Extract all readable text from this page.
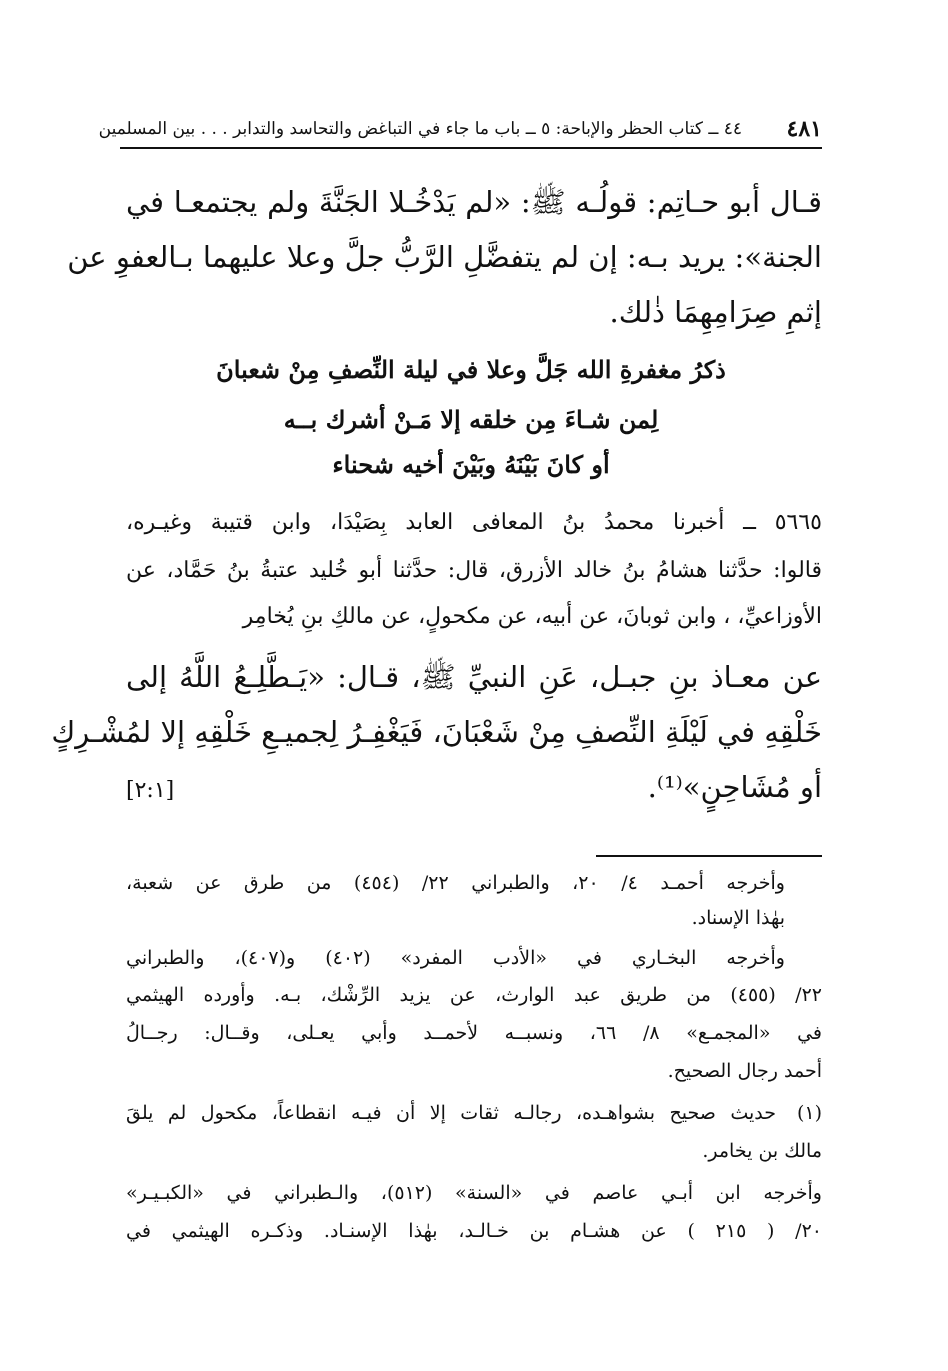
٤٨١
٤٤ ــ كتاب الحظر والإباحة: ٥ ــ باب ما جاء في التباغض والتحاسد والتدابر . . . بين المسلمين
قـال أبو حـاتِم: قولُـه ﷺ: «لم يَدْخُـلا الجَنَّةَ ولم يجتمعـا في
الجنة»: يريد بـه: إن لم يتفضَّلِ الرَّبُّ جلَّ وعلا عليهما بـالعفوِ عن
إثمِ صِرَامِهِمَا ذٰلك.
ذكرُ مغفرةِ الله جَلَّ وعلا في ليلة النِّصفِ مِنْ شعبانَ
لِمن شـاءَ مِن خلقه إلا مَـنْ أشرك بــه
أو كانَ بَيْنَهُ وبَيْنَ أخيه شحناء
٥٦٦٥ ــ أخبرنا محمدُ بنُ المعافى العابد بِصَيْدَا، وابن قتيبة وغيـره،
قالوا: حدَّثنا هشامُ بنُ خالد الأزرق، قال: حدَّثنا أبو خُليد عتبةُ بنُ حَمَّاد، عن
الأوزاعيِّ، ، وابن ثوبانَ، عن أبيه، عن مكحولٍ، عن مالكِ بنِ يُخامِر
عن معـاذ بنِ جبـل، عَنِ النبيِّ ﷺ، قـال: «يَـطَّلِـعُ اللَّهُ إلى
خَلْقِهِ في لَيْلَةِ النِّصفِ مِنْ شَعْبَانَ، فَيَغْفِـرُ لِجميـعِ خَلْقِهِ إلا لمُشْـرِكٍ
أو مُشَاحِنٍ»⁽¹⁾.
[٢:١]
وأخرجه أحمـد ٤/ ٢٠، والطبراني ٢٢/ (٤٥٤) من طرق عن شعبة،
بهٰذا الإسناد.
وأخرجه البخـاري في «الأدب المفرد» (٤٠٢) و(٤٠٧)، والطبراني
٢٢/ (٤٥٥) من طريق عبد الوارث، عن يزيد الرِّشْك، بـه. وأورده الهيثمي
في «المجمـع» ٨/ ٦٦، ونسبــه لأحمــد وأبي يعـلى، وقــال: رجــالُ
أحمد رجال الصحيح.
(١)
حديث صحيح بشواهـده، رجالـه ثقات إلا أن فيـه انقطاعاً، مكحول لم يلقَ
مالك بن يخامر.
وأخرجه ابن أبـي عاصم في «السنة» (٥١٢)، والـطبراني في «الكبـيـر»
٢٠/ ( ٢١٥ ) عن هشـام بن خـالـد، بهٰذا الإسنـاد. وذكـره الهيثمي في
